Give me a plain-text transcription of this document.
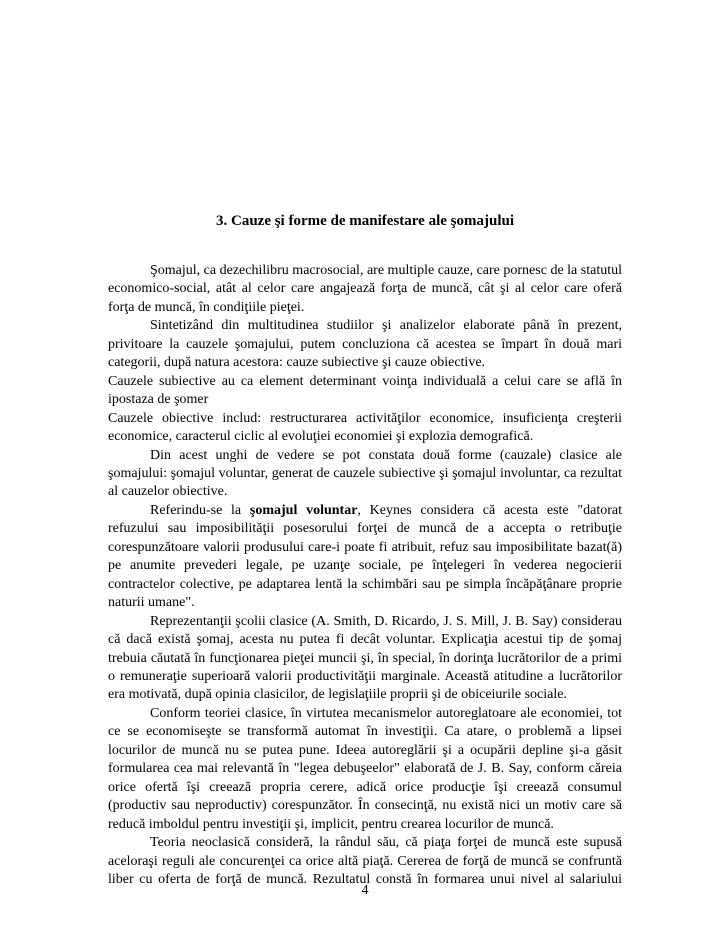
3. Cauze şi forme de manifestare ale şomajului

Şomajul, ca dezechilibru macrosocial, are multiple cauze, care pornesc de la statutul economico-social, atât al celor care angajează forţa de muncă, cât şi al celor care oferă forţa de muncă, în condiţiile pieţei.

Sintetizând din multitudinea studiilor şi analizelor elaborate până în prezent, privitoare la cauzele şomajului, putem concluziona că acestea se împart în două mari categorii, după natura acestora: cauze subiective şi cauze obiective.

Cauzele subiective au ca element determinant voinţa individuală a celui care se află în ipostaza de şomer

Cauzele obiective includ: restructurarea activităţilor economice, insuficienţa creşterii economice, caracterul ciclic al evoluţiei economiei şi explozia demografică.

Din acest unghi de vedere se pot constata două forme (cauzale) clasice ale şomajului: şomajul voluntar, generat de cauzele subiective şi şomajul involuntar, ca rezultat al cauzelor obiective.

Referindu-se la şomajul voluntar, Keynes considera că acesta este "datorat refuzului sau imposibilităţii posesorului forţei de muncă de a accepta o retribuţie corespunzătoare valorii produsului care-i poate fi atribuit, refuz sau imposibilitate bazat(ă) pe anumite prevederi legale, pe uzanţe sociale, pe înţelegeri în vederea negocierii contractelor colective, pe adaptarea lentă la schimbări sau pe simpla încăpăţânare proprie naturii umane".

Reprezentanţii şcolii clasice (A. Smith, D. Ricardo, J. S. Mill, J. B. Say) considerau că dacă există şomaj, acesta nu putea fi decât voluntar. Explicaţia acestui tip de şomaj trebuia căutată în funcţionarea pieţei muncii şi, în special, în dorinţa lucrătorilor de a primi o remuneraţie superioară valorii productivităţii marginale. Această atitudine a lucrătorilor era motivată, după opinia clasicilor, de legislaţiile proprii şi de obiceiurile sociale.

Conform teoriei clasice, în virtutea mecanismelor autoreglatoare ale economiei, tot ce se economiseşte se transformă automat în investiţii. Ca atare, o problemă a lipsei locurilor de muncă nu se putea pune. Ideea autoreglării şi a ocupării depline şi-a găsit formularea cea mai relevantă în "legea debuşeelor" elaborată de J. B. Say, conform căreia orice ofertă îşi creează propria cerere, adică orice producţie îşi creează consumul (productiv sau neproductiv) corespunzător. În consecinţă, nu există nici un motiv care să reducă imboldul pentru investiţii şi, implicit, pentru crearea locurilor de muncă.

Teoria neoclasică consideră, la rândul său, că piaţa forţei de muncă este supusă aceloraşi reguli ale concurenţei ca orice altă piaţă. Cererea de forţă de muncă se confruntă liber cu oferta de forţă de muncă. Rezultatul constă în formarea unui nivel al salariului

4
